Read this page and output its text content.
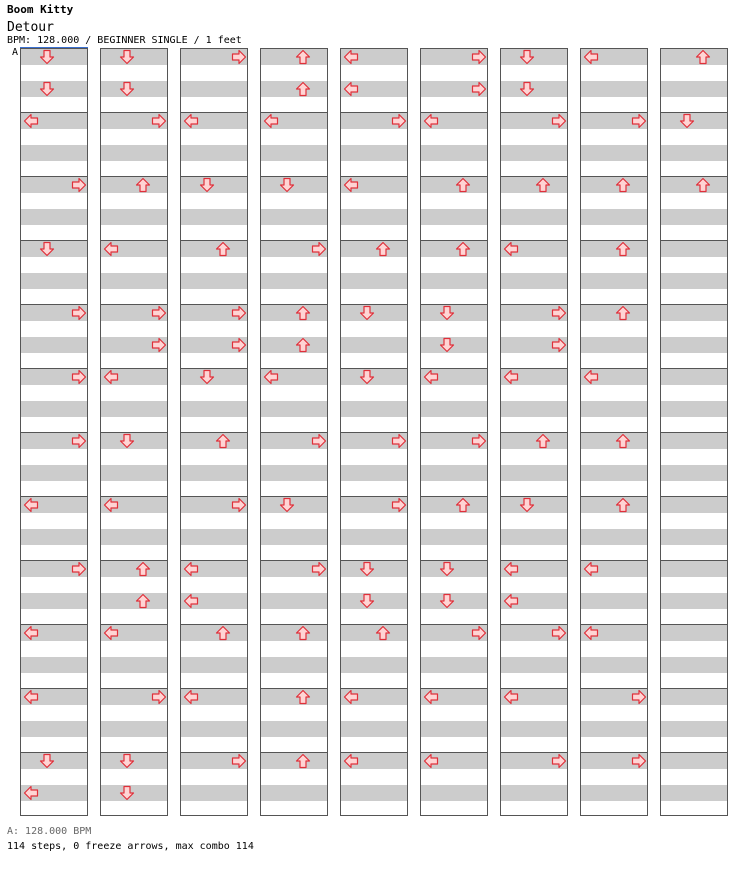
Boom Kitty
Detour
BPM: 128.000 / BEGINNER SINGLE / 1 feet
A
A: 128.000 BPM
114 steps, 0 freeze arrows, max combo 114
